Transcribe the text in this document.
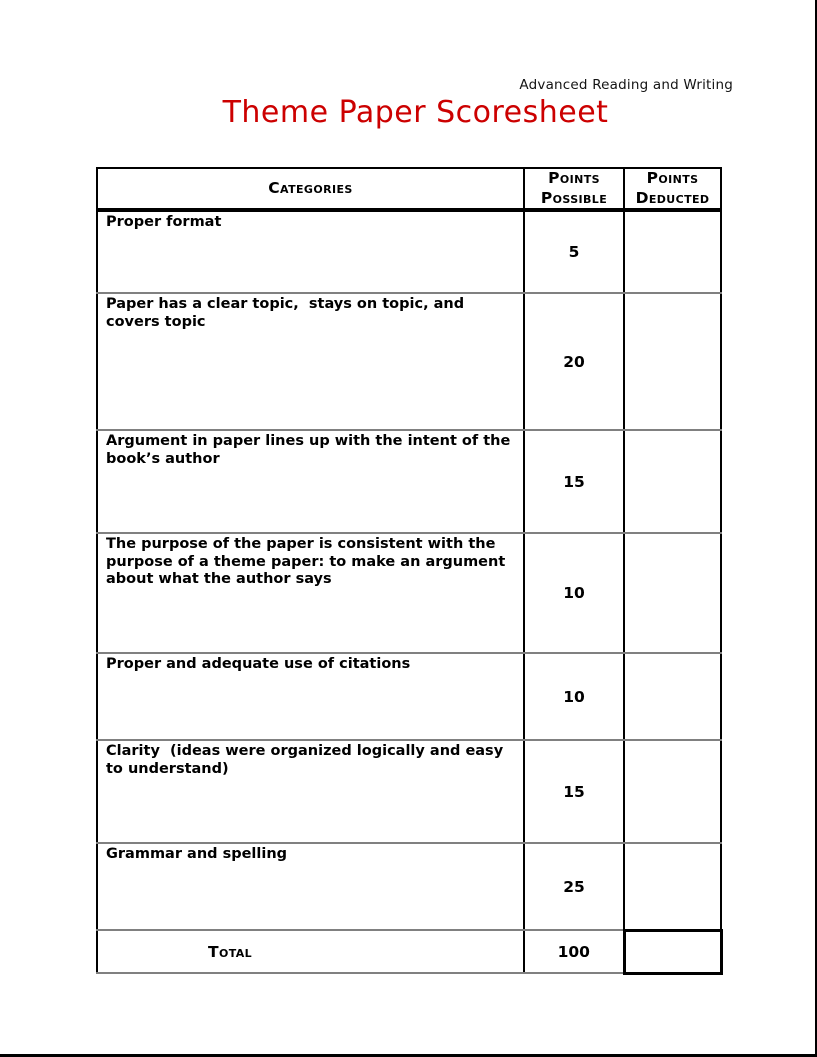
Advanced Reading and Writing
Theme Paper Scoresheet
Categories	Points Possible	Points Deducted
Proper format	5	
Paper has a clear topic,  stays on topic, and covers topic	20	
Argument in paper lines up with the intent of the book’s author	15	
The purpose of the paper is consistent with the purpose of a theme paper: to make an argument about what the author says	10	
Proper and adequate use of citations	10	
Clarity  (ideas were organized logically and easy to understand)	15	
Grammar and spelling	25	
Total	100	
